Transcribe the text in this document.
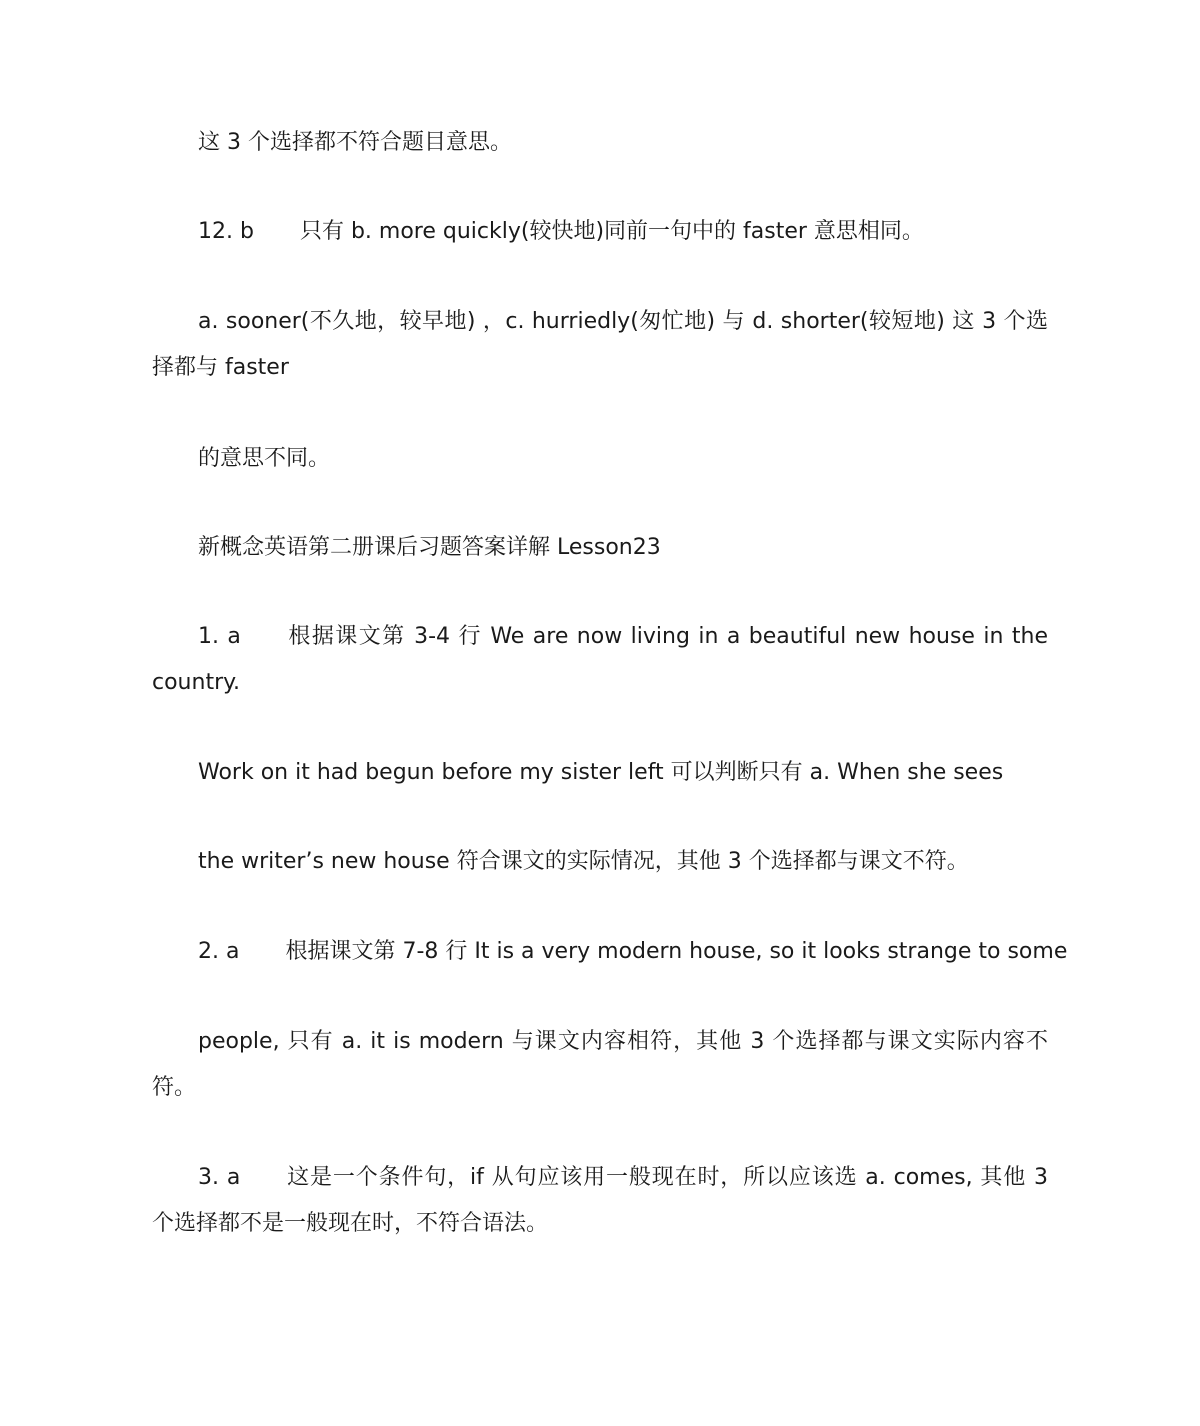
这 3 个选择都不符合题目意思。
12. b 只有 b. more quickly(较快地)同前一句中的 faster 意思相同。
a. sooner(不久地，较早地) ，c. hurriedly(匆忙地) 与 d. shorter(较短地) 这 3 个选
择都与 faster
的意思不同。
新概念英语第二册课后习题答案详解 Lesson23
1. a 根据课文第 3-4 行 We are now living in a beautiful new house in the
country.
Work on it had begun before my sister left 可以判断只有 a. When she sees
the writer’s new house 符合课文的实际情况，其他 3 个选择都与课文不符。
2. a 根据课文第 7-8 行 It is a very modern house, so it looks strange to some
people, 只有 a. it is modern 与课文内容相符，其他 3 个选择都与课文实际内容不
符。
3. a 这是一个条件句，if 从句应该用一般现在时，所以应该选 a. comes, 其他 3
个选择都不是一般现在时，不符合语法。
